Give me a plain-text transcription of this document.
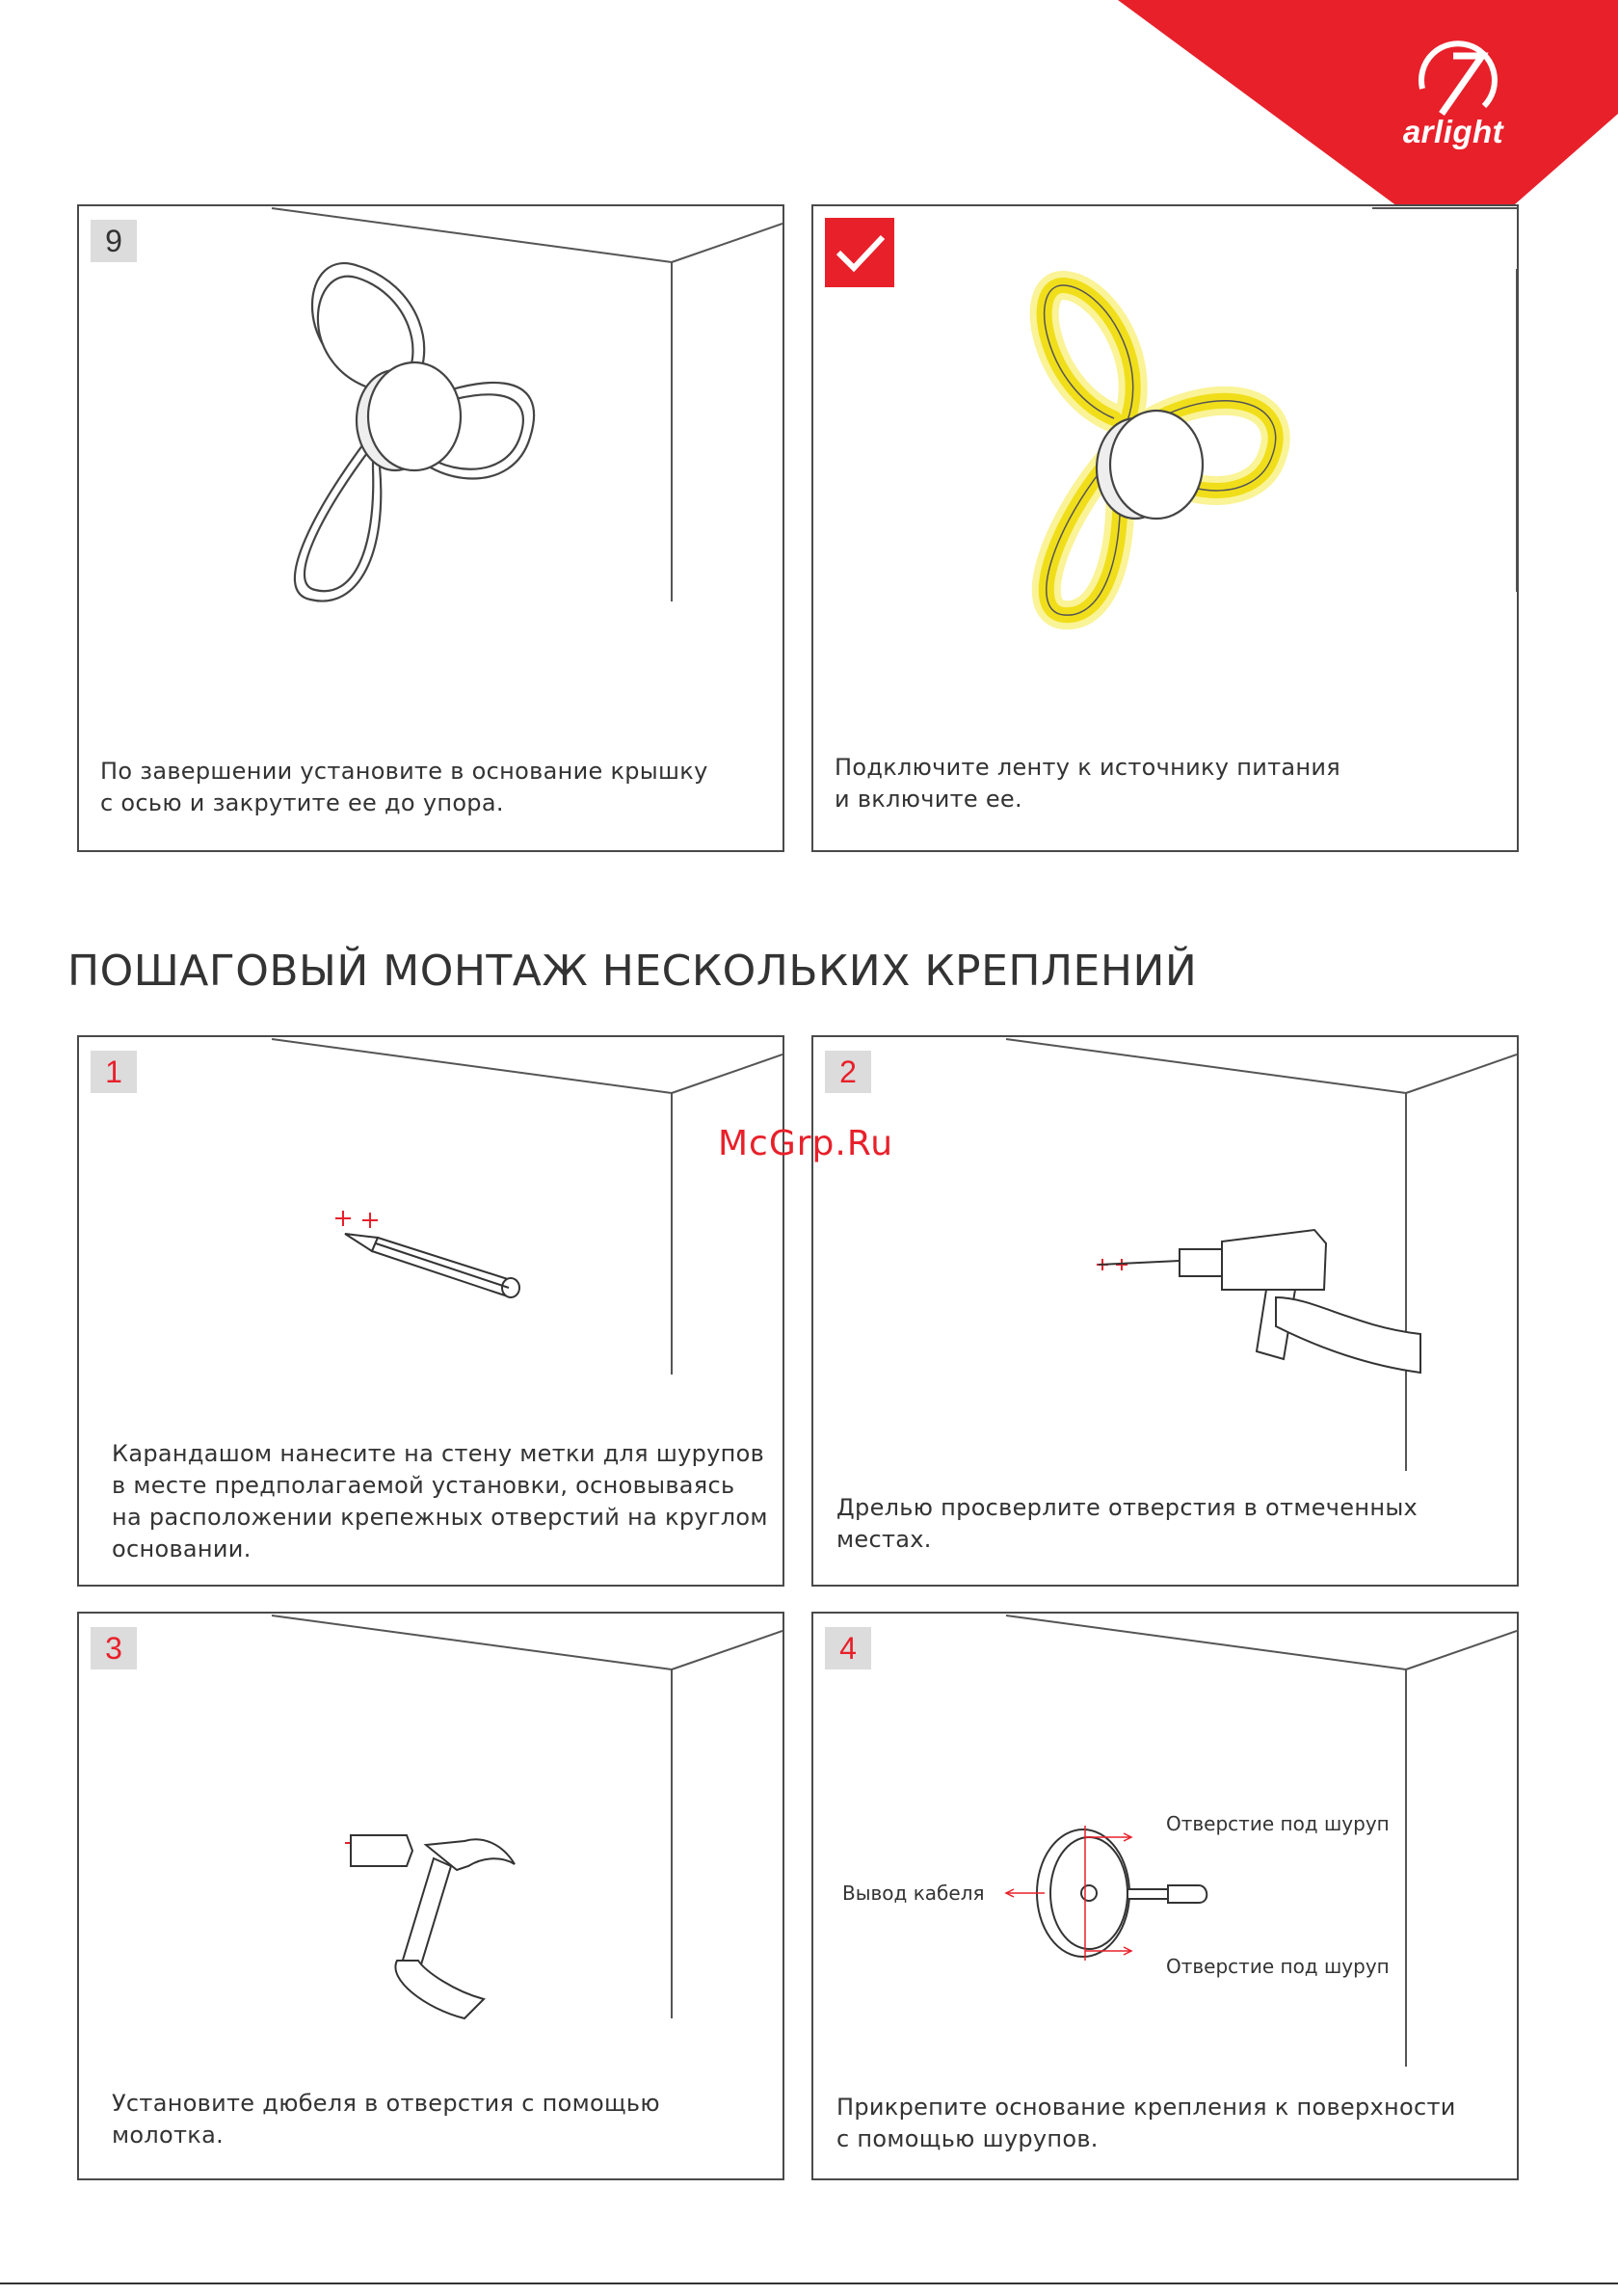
arlight
9
По завершении установите в основание крышку
с осью и закрутите ее до упора.
Подключите ленту к источнику питания
и включите ее.
ПОШАГОВЫЙ МОНТАЖ НЕСКОЛЬКИХ КРЕПЛЕНИЙ
1
Карандашом нанесите на стену метки для шурупов
в месте предполагаемой установки, основываясь
на расположении крепежных отверстий на круглом
основании.
2
Дрелью просверлите отверстия в отмеченных
местах.
3
Установите дюбеля в отверстия с помощью
молотка.
Отверстие под шуруп
Вывод кабеля
Отверстие под шуруп
4
Прикрепите основание крепления к поверхности
с помощью шурупов.
McGrp.Ru
